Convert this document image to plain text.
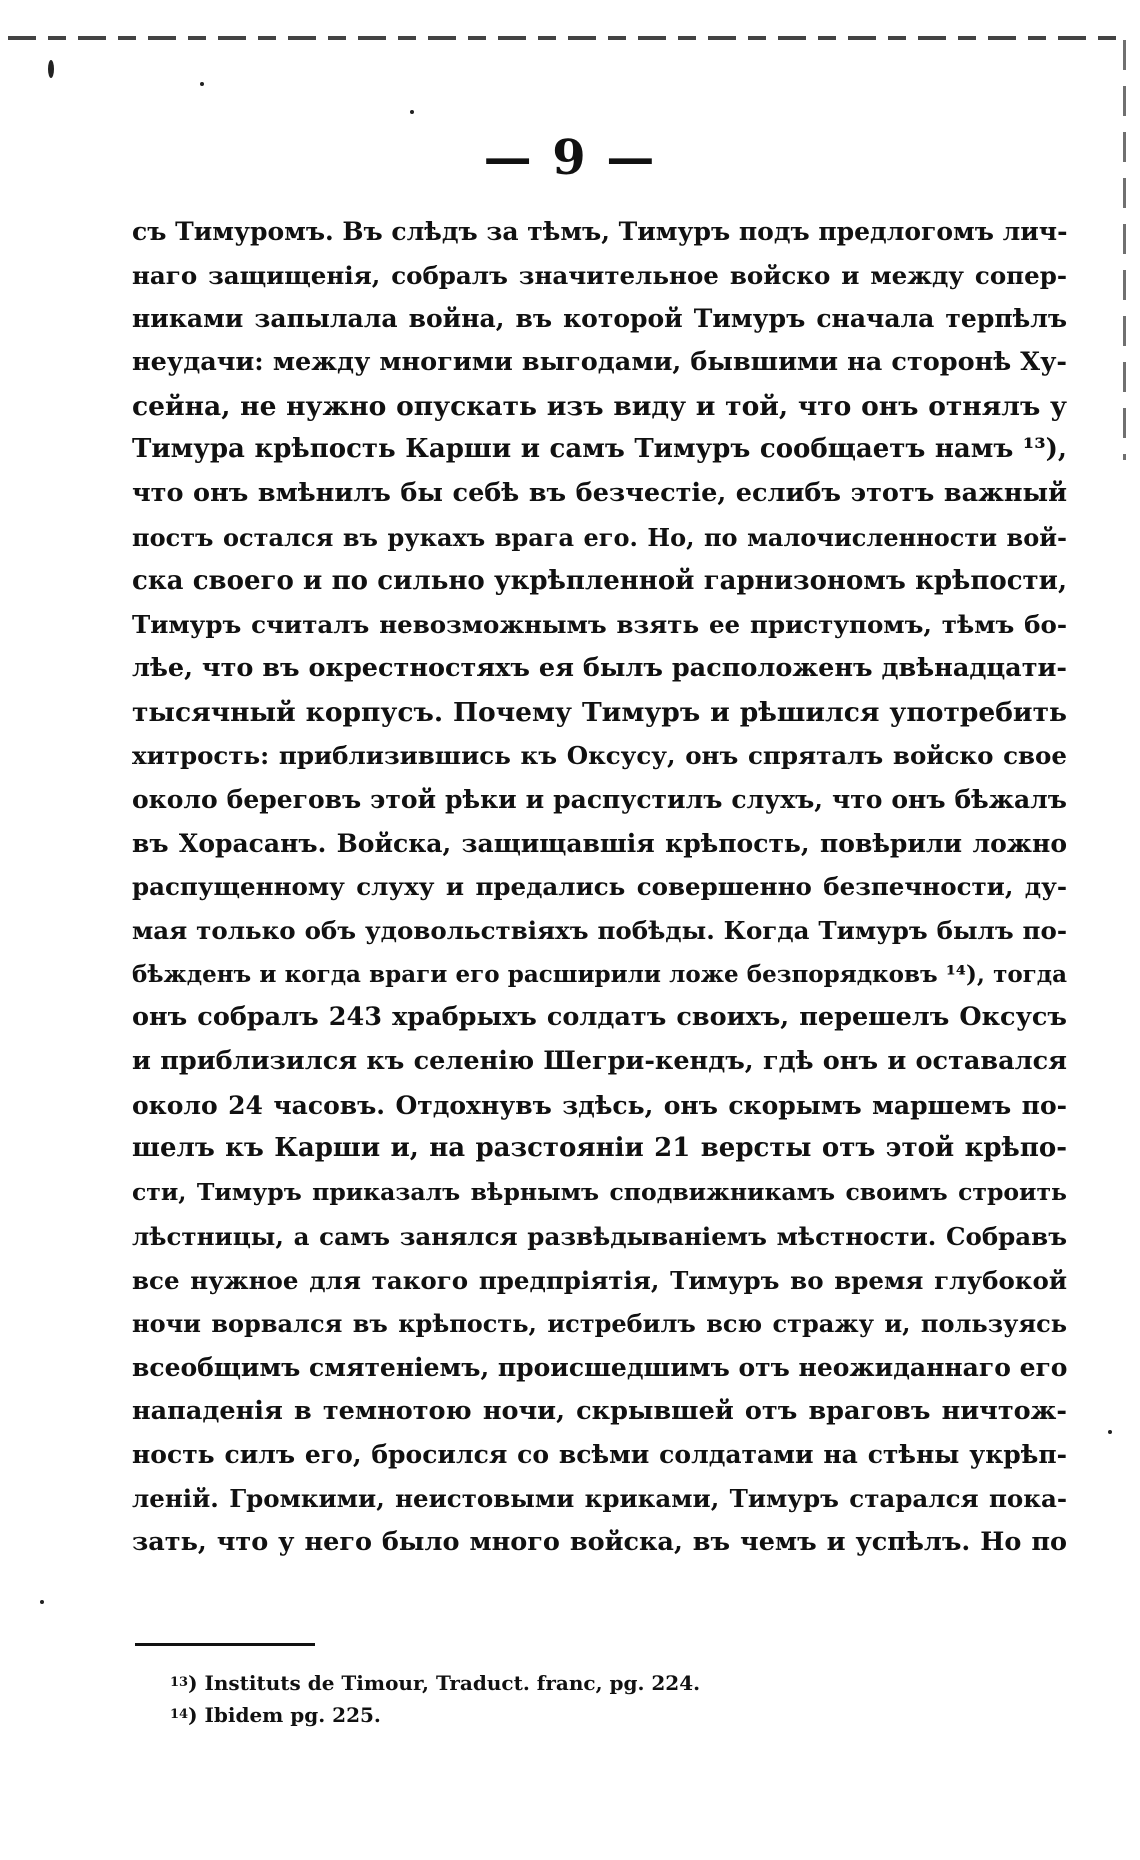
— 9 —
съ Тимуромъ. Въ слѣдъ за тѣмъ, Тимуръ подъ предлогомъ лич-
наго защищенія, собралъ значительное войско и между сопер-
никами запылала война, въ которой Тимуръ сначала терпѣлъ
неудачи: между многими выгодами, бывшими на сторонѣ Ху-
сейна, не нужно опускать изъ виду и той, что онъ отнялъ у
Тимура крѣпость Карши и самъ Тимуръ сообщаетъ намъ ¹³),
что онъ вмѣнилъ бы себѣ въ безчестіе, еслибъ этотъ важный
постъ остался въ рукахъ врага его. Но, по малочисленности вой-
ска своего и по сильно укрѣпленной гарнизономъ крѣпости,
Тимуръ считалъ невозможнымъ взять ее приступомъ, тѣмъ бо-
лѣе, что въ окрестностяхъ ея былъ расположенъ двѣнадцати-
тысячный корпусъ. Почему Тимуръ и рѣшился употребить
хитрость: приблизившись къ Оксусу, онъ спряталъ войско свое
около береговъ этой рѣки и распустилъ слухъ, что онъ бѣжалъ
въ Хорасанъ. Войска, защищавшія крѣпость, повѣрили ложно
распущенному слуху и предались совершенно безпечности, ду-
мая только объ удовольствіяхъ побѣды. Когда Тимуръ былъ по-
бѣжденъ и когда враги его расширили ложе безпорядковъ ¹⁴), тогда
онъ собралъ 243 храбрыхъ солдатъ своихъ, перешелъ Оксусъ
и приблизился къ селенію Шегри-кендъ, гдѣ онъ и оставался
около 24 часовъ. Отдохнувъ здѣсь, онъ скорымъ маршемъ по-
шелъ къ Карши и, на разстояніи 21 версты отъ этой крѣпо-
сти, Тимуръ приказалъ вѣрнымъ сподвижникамъ своимъ строить
лѣстницы, а самъ занялся развѣдываніемъ мѣстности. Собравъ
все нужное для такого предпріятія, Тимуръ во время глубокой
ночи ворвался въ крѣпость, истребилъ всю стражу и, пользуясь
всеобщимъ смятеніемъ, происшедшимъ отъ неожиданнаго его
нападенія в темнотою ночи, скрывшей отъ враговъ ничтож-
ность силъ его, бросился со всѣми солдатами на стѣны укрѣп-
леній. Громкими, неистовыми криками, Тимуръ старался пока-
зать, что у него было много войска, въ чемъ и успѣлъ. Но по
$^{13}$) Instituts de Timour, Traduct. franc, pg. 224.
$^{14}$) Ibidem pg. 225.
